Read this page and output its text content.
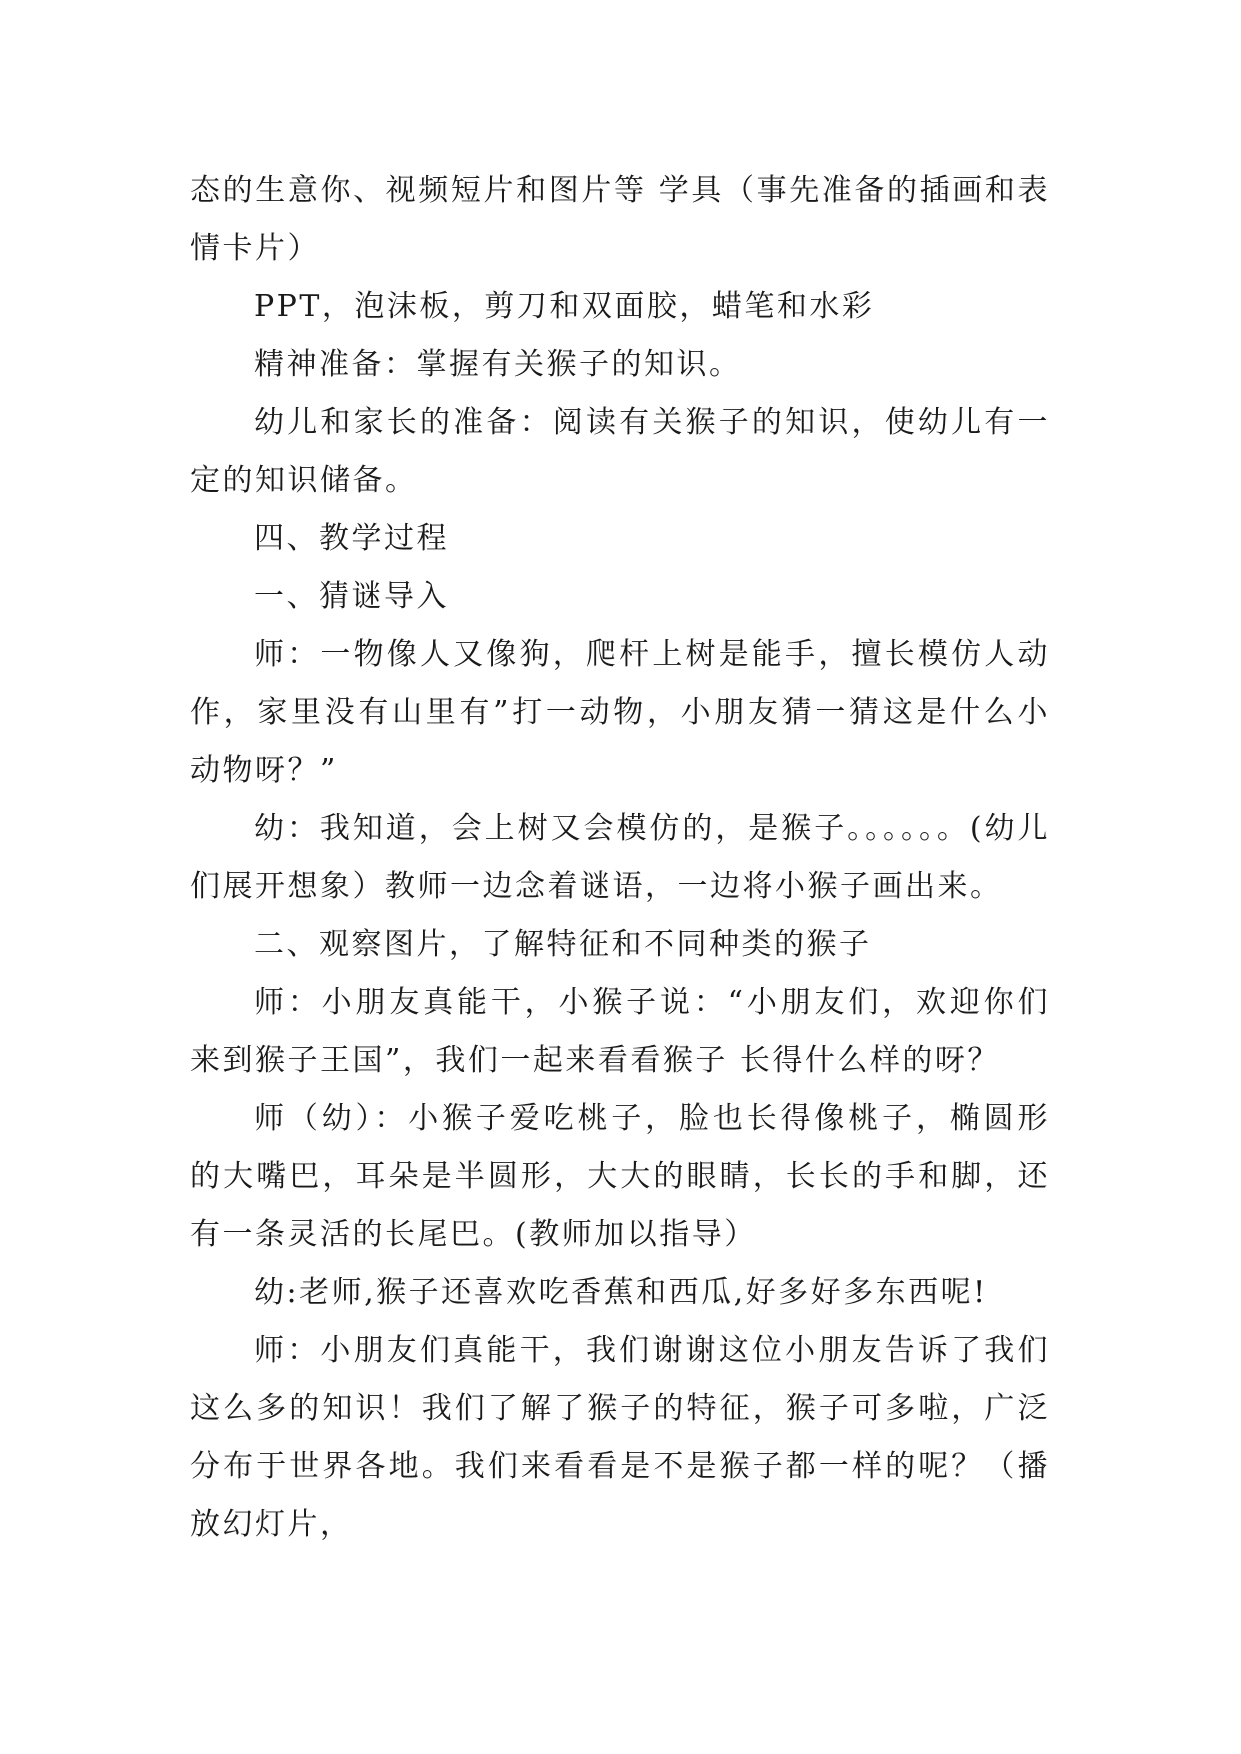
态的生意你、视频短片和图片等 学具（事先准备的插画和表情卡片）

PPT，泡沫板，剪刀和双面胶，蜡笔和水彩

精神准备：掌握有关猴子的知识。

幼儿和家长的准备：阅读有关猴子的知识，使幼儿有一定的知识储备。

四、教学过程

一、猜谜导入

师：一物像人又像狗，爬杆上树是能手，擅长模仿人动作，家里没有山里有”打一动物，小朋友猜一猜这是什么小动物呀？”

幼：我知道，会上树又会模仿的，是猴子。。。。。。(幼儿们展开想象）教师一边念着谜语，一边将小猴子画出来。

二、观察图片，了解特征和不同种类的猴子

师：小朋友真能干，小猴子说：“小朋友们，欢迎你们来到猴子王国”，我们一起来看看猴子 长得什么样的呀？

师（幼）：小猴子爱吃桃子，脸也长得像桃子，椭圆形的大嘴巴，耳朵是半圆形，大大的眼睛，长长的手和脚，还有一条灵活的长尾巴。(教师加以指导）

幼:老师,猴子还喜欢吃香蕉和西瓜,好多好多东西呢!

师：小朋友们真能干，我们谢谢这位小朋友告诉了我们这么多的知识！我们了解了猴子的特征，猴子可多啦，广泛分布于世界各地。我们来看看是不是猴子都一样的呢？（播放幻灯片，
